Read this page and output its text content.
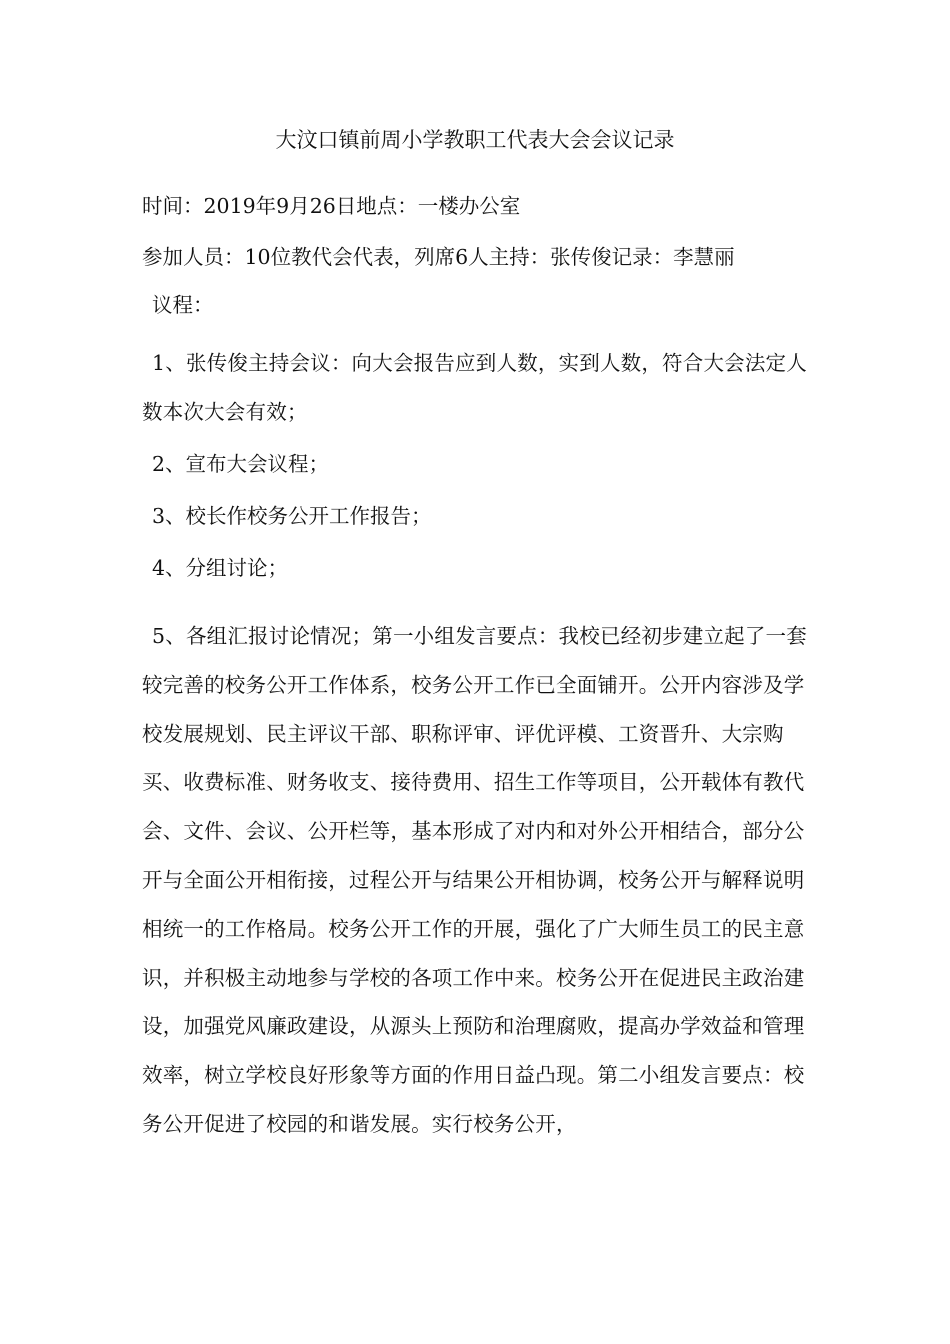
大汶口镇前周小学教职工代表大会会议记录
时间：2019年9月26日地点：一楼办公室
参加人员：10位教代会代表，列席6人主持：张传俊记录：李慧丽
议程：
1、张传俊主持会议：向大会报告应到人数，实到人数，符合大会法定人数本次大会有效；
2、宣布大会议程；
3、校长作校务公开工作报告；
4、分组讨论；
5、各组汇报讨论情况；第一小组发言要点：我校已经初步建立起了一套较完善的校务公开工作体系，校务公开工作已全面铺开。公开内容涉及学校发展规划、民主评议干部、职称评审、评优评模、工资晋升、大宗购买、收费标准、财务收支、接待费用、招生工作等项目，公开载体有教代会、文件、会议、公开栏等，基本形成了对内和对外公开相结合，部分公开与全面公开相衔接，过程公开与结果公开相协调，校务公开与解释说明相统一的工作格局。校务公开工作的开展，强化了广大师生员工的民主意识，并积极主动地参与学校的各项工作中来。校务公开在促进民主政治建设，加强党风廉政建设，从源头上预防和治理腐败，提高办学效益和管理效率，树立学校良好形象等方面的作用日益凸现。第二小组发言要点：校务公开促进了校园的和谐发展。实行校务公开，
